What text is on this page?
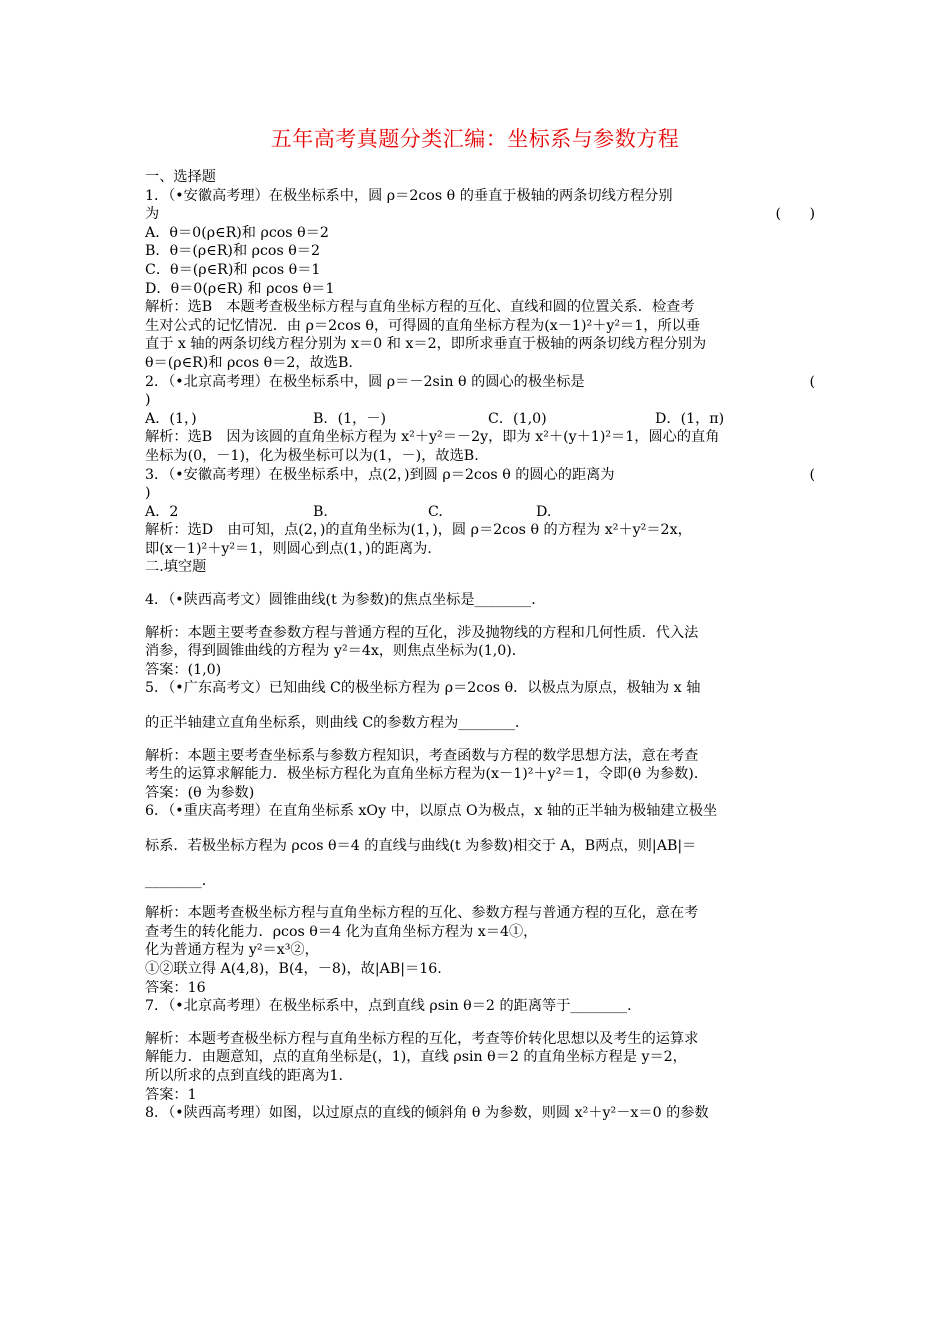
五年高考真题分类汇编：坐标系与参数方程
一、选择题
1．（•安徽高考理）在极坐标系中，圆 ρ＝2cos θ 的垂直于极轴的两条切线方程分别
为	(　　)
A．θ＝0(ρ∈R)和 ρcos θ＝2
B．θ＝(ρ∈R)和 ρcos θ＝2
C．θ＝(ρ∈R)和 ρcos θ＝1
D．θ＝0(ρ∈R) 和 ρcos θ＝1
解析：选B　本题考查极坐标方程与直角坐标方程的互化、直线和圆的位置关系．检查考
生对公式的记忆情况．由 ρ＝2cos θ，可得圆的直角坐标方程为(x－1)²＋y²＝1，所以垂
直于 x 轴的两条切线方程分别为 x＝0 和 x＝2，即所求垂直于极轴的两条切线方程分别为
θ＝(ρ∈R)和 ρcos θ＝2，故选B.
2．（•北京高考理）在极坐标系中，圆 ρ＝－2sin θ 的圆心的极坐标是	(
)
A．(1，)	B．(1，－)	C．(1,0)	D．(1，π)
解析：选B　因为该圆的直角坐标方程为 x²＋y²＝－2y，即为 x²＋(y＋1)²＝1，圆心的直角
坐标为(0，－1)，化为极坐标可以为(1，－)，故选B.
3．（•安徽高考理）在极坐标系中，点(2，)到圆 ρ＝2cos θ 的圆心的距离为	(
)
A．2	B.	C.	D.
解析：选D　由可知，点(2，)的直角坐标为(1，)，圆 ρ＝2cos θ 的方程为 x²＋y²＝2x，
即(x－1)²＋y²＝1，则圆心到点(1，)的距离为.
二.填空题
4．（•陕西高考文）圆锥曲线(t 为参数)的焦点坐标是________．
解析：本题主要考查参数方程与普通方程的互化，涉及抛物线的方程和几何性质．代入法
消参，得到圆锥曲线的方程为 y²＝4x，则焦点坐标为(1,0)．
答案：(1,0)
5．（•广东高考文）已知曲线 C的极坐标方程为 ρ＝2cos θ．以极点为原点，极轴为 x 轴
的正半轴建立直角坐标系，则曲线 C的参数方程为________．
解析：本题主要考查坐标系与参数方程知识，考查函数与方程的数学思想方法，意在考查
考生的运算求解能力．极坐标方程化为直角坐标方程为(x－1)²＋y²＝1，令即(θ 为参数)．
答案：(θ 为参数)
6．（•重庆高考理）在直角坐标系 xOy 中，以原点 O为极点，x 轴的正半轴为极轴建立极坐
标系．若极坐标方程为 ρcos θ＝4 的直线与曲线(t 为参数)相交于 A，B两点，则|AB|＝
________．
解析：本题考查极坐标方程与直角坐标方程的互化、参数方程与普通方程的互化，意在考
查考生的转化能力．ρcos θ＝4 化为直角坐标方程为 x＝4①，
化为普通方程为 y²＝x³②，
①②联立得 A(4,8)，B(4，－8)，故|AB|＝16.
答案：16
7．（•北京高考理）在极坐标系中，点到直线 ρsin θ＝2 的距离等于________．
解析：本题考查极坐标方程与直角坐标方程的互化，考查等价转化思想以及考生的运算求
解能力．由题意知，点的直角坐标是(，1)，直线 ρsin θ＝2 的直角坐标方程是 y＝2，
所以所求的点到直线的距离为1.
答案：1
8．（•陕西高考理）如图，以过原点的直线的倾斜角 θ 为参数，则圆 x²＋y²－x＝0 的参数
